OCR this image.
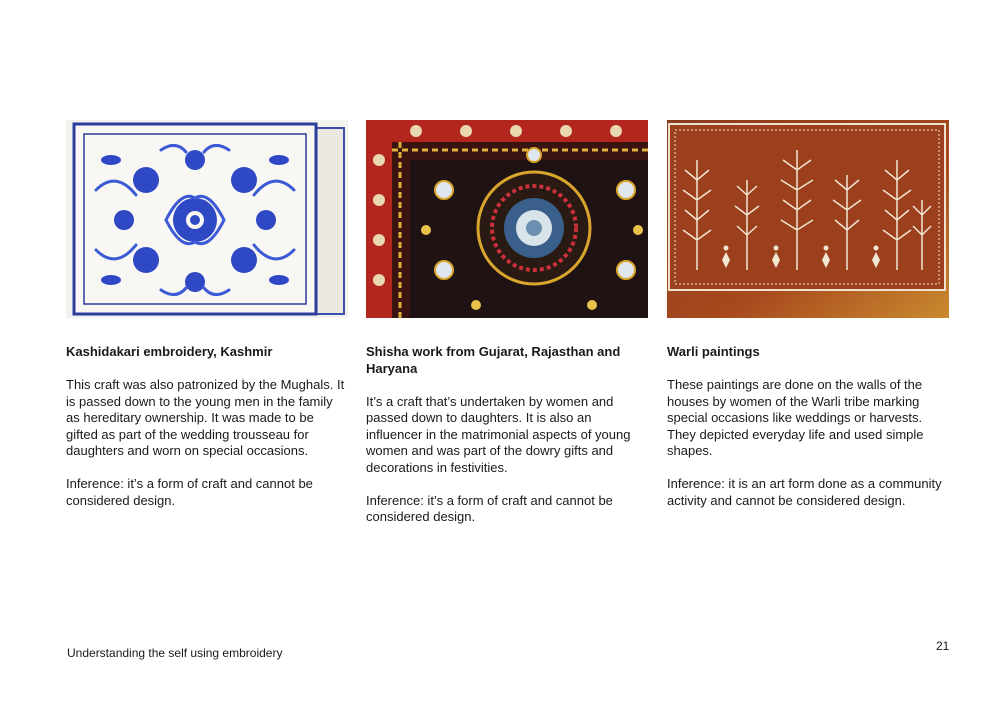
Kashidakari embroidery, Kashmir
This craft was also patronized by the Mughals. It is passed down to the young men in the family as hereditary ownership. It was made to be gifted as part of the wedding trousseau for daughters and worn on special occasions.
Inference: it’s a form of craft and cannot be considered design.
Shisha work from Gujarat, Rajasthan and Haryana
It’s a craft that’s undertaken by women and passed down to daughters. It is also an influencer in the matrimonial aspects of young women and was part of the dowry gifts and decorations in festivities.
Inference: it’s a form of craft and cannot be considered design.
Warli paintings
These paintings are done on the walls of the houses by women of the Warli tribe marking special occasions like weddings or harvests. They depicted everyday life and used simple shapes.
Inference: it is an art form done as a community activity and cannot be considered design.
Understanding the self using embroidery	21
